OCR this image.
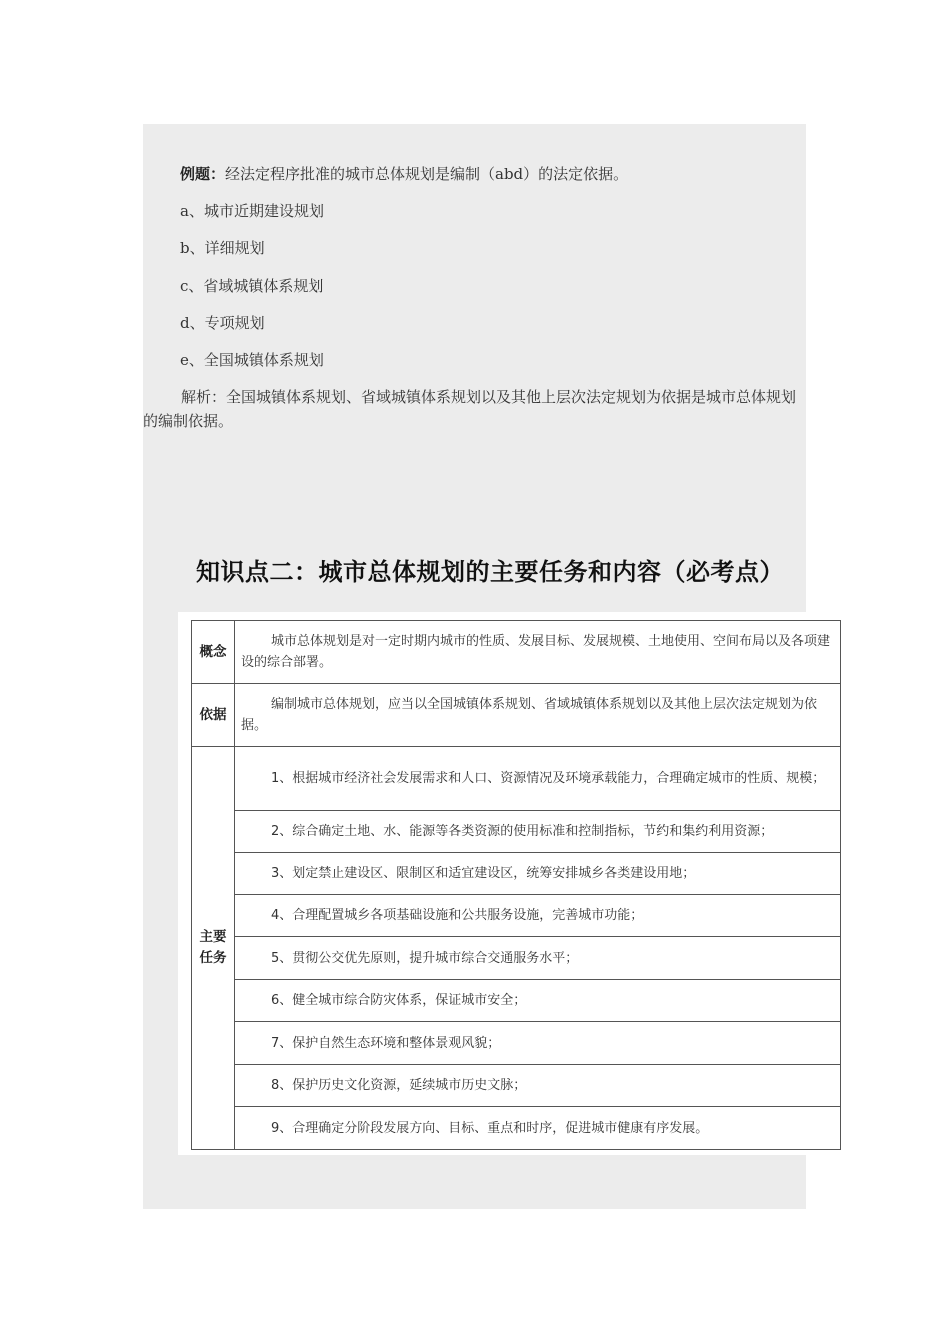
例题：经法定程序批准的城市总体规划是编制（abd）的法定依据。
a、城市近期建设规划
b、详细规划
c、省域城镇体系规划
d、专项规划
e、全国城镇体系规划
解析：全国城镇体系规划、省域城镇体系规划以及其他上层次法定规划为依据是城市总体规划的编制依据。
知识点二：城市总体规划的主要任务和内容（必考点）
概念	城市总体规划是对一定时期内城市的性质、发展目标、发展规模、土地使用、空间布局以及各项建设的综合部署。
依据	编制城市总体规划，应当以全国城镇体系规划、省域城镇体系规划以及其他上层次法定规划为依据。
主要任务	1、根据城市经济社会发展需求和人口、资源情况及环境承载能力，合理确定城市的性质、规模；
	2、综合确定土地、水、能源等各类资源的使用标准和控制指标，节约和集约利用资源；
	3、划定禁止建设区、限制区和适宜建设区，统筹安排城乡各类建设用地；
	4、合理配置城乡各项基础设施和公共服务设施，完善城市功能；
	5、贯彻公交优先原则，提升城市综合交通服务水平；
	6、健全城市综合防灾体系，保证城市安全；
	7、保护自然生态环境和整体景观风貌；
	8、保护历史文化资源，延续城市历史文脉；
	9、合理确定分阶段发展方向、目标、重点和时序，促进城市健康有序发展。
